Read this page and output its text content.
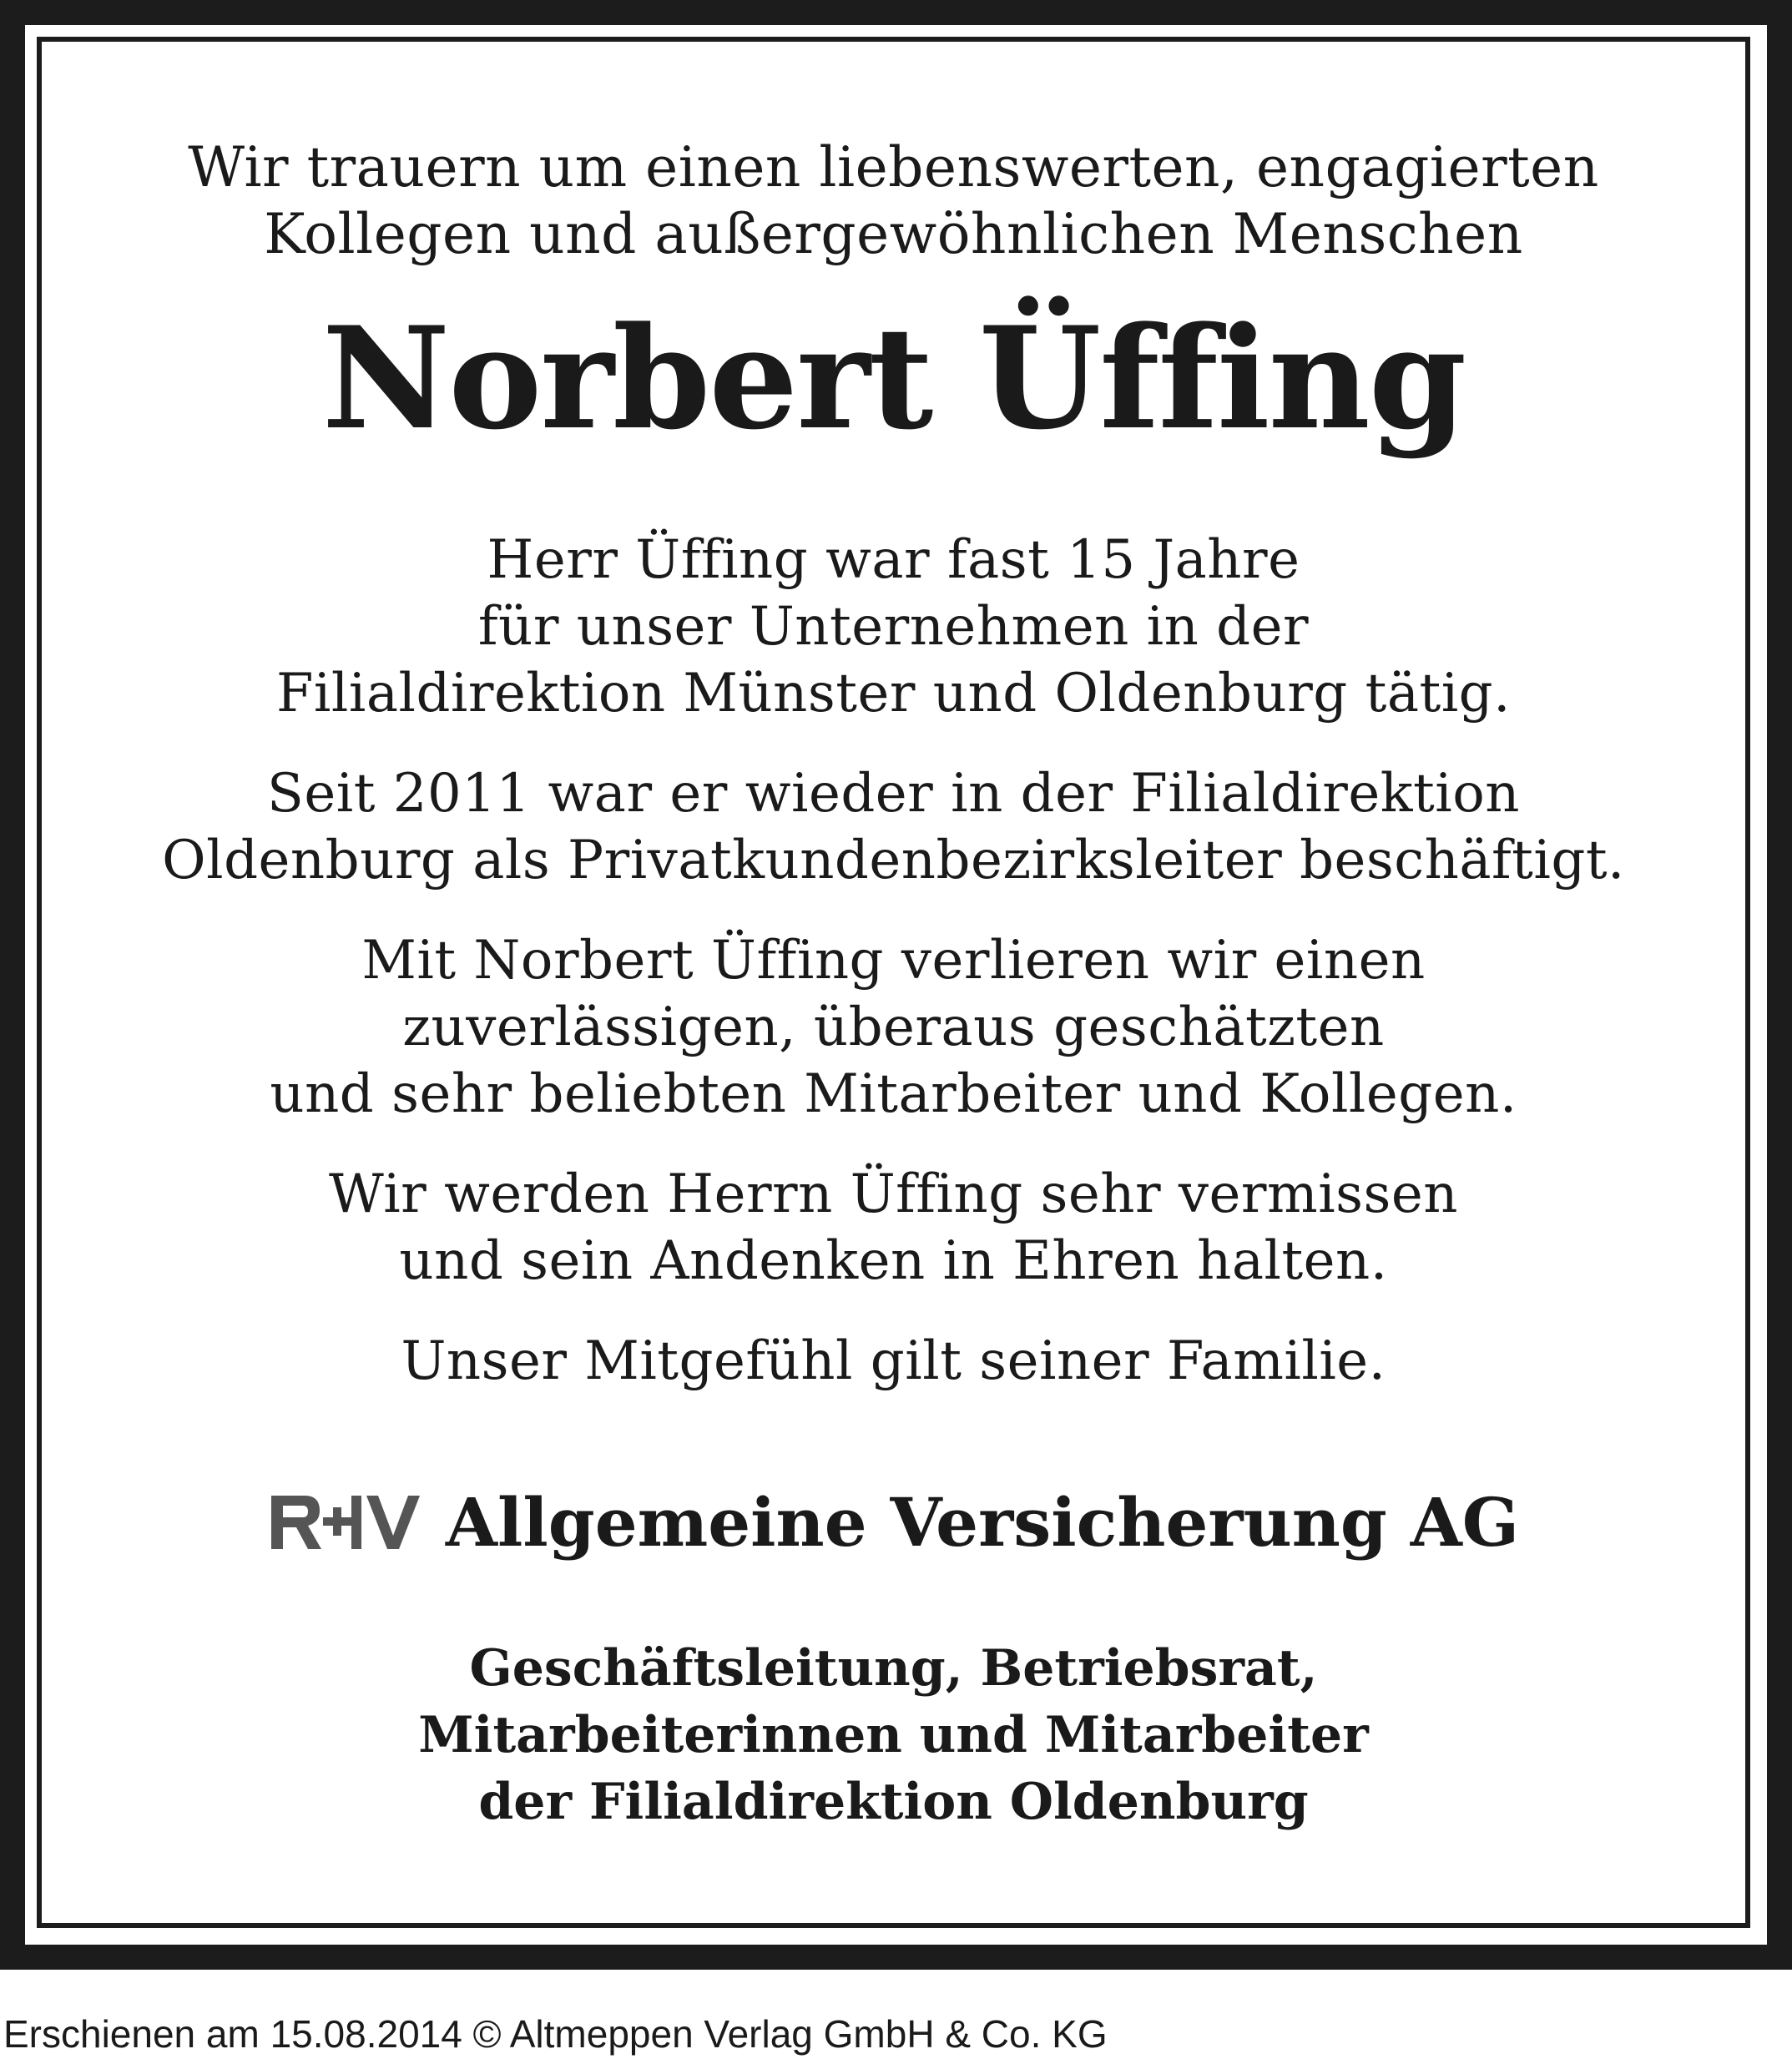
Wir trauern um einen liebenswerten, engagierten
Kollegen und außergewöhnlichen Menschen
Norbert Üffing
Herr Üffing war fast 15 Jahre
für unser Unternehmen in der
Filialdirektion Münster und Oldenburg tätig.
Seit 2011 war er wieder in der Filialdirektion
Oldenburg als Privatkundenbezirksleiter beschäftigt.
Mit Norbert Üffing verlieren wir einen
zuverlässigen, überaus geschätzten
und sehr beliebten Mitarbeiter und Kollegen.
Wir werden Herrn Üffing sehr vermissen
und sein Andenken in Ehren halten.
Unser Mitgefühl gilt seiner Familie.
Allgemeine Versicherung AG
Geschäftsleitung, Betriebsrat,
Mitarbeiterinnen und Mitarbeiter
der Filialdirektion Oldenburg
Erschienen am 15.08.2014 © Altmeppen Verlag GmbH & Co. KG
